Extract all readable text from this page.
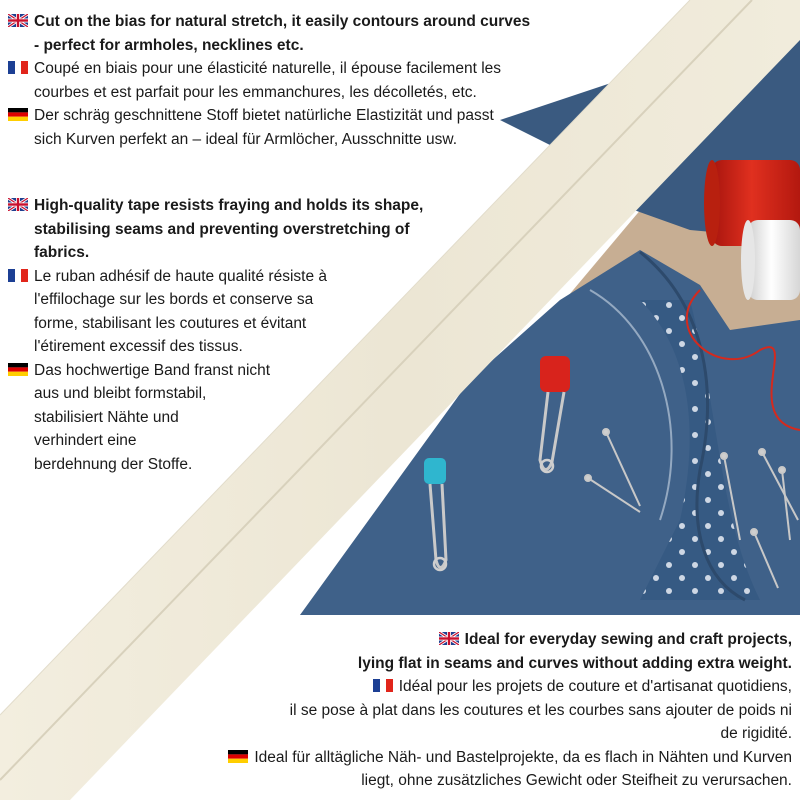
Cut on the bias for natural stretch, it easily contours around curves

- perfect for armholes, necklines etc.

Coupé en biais pour une élasticité naturelle, il épouse facilement les

courbes et est parfait pour les emmanchures, les décolletés, etc.

Der schräg geschnittene Stoff bietet natürliche Elastizität und passt

sich Kurven perfekt an – ideal für Armlöcher, Ausschnitte usw.

High-quality tape resists fraying and holds its shape,

stabilising seams and preventing overstretching of

fabrics.

Le ruban adhésif de haute qualité résiste à

l'effilochage sur les bords et conserve sa

forme, stabilisant les coutures et évitant

l'étirement excessif des tissus.

Das hochwertige Band franst nicht

aus und bleibt formstabil,

stabilisiert Nähte und

verhindert eine

berdehnung der Stoffe.

Ideal for everyday sewing and craft projects,

lying flat in seams and curves without adding extra weight.

Idéal pour les projets de couture et d'artisanat quotidiens,

il se pose à plat dans les coutures et les courbes sans ajouter de poids ni

de rigidité.

Ideal für alltägliche Näh- und Bastelprojekte, da es flach in Nähten und Kurven

liegt, ohne zusätzliches Gewicht oder Steifheit zu verursachen.
